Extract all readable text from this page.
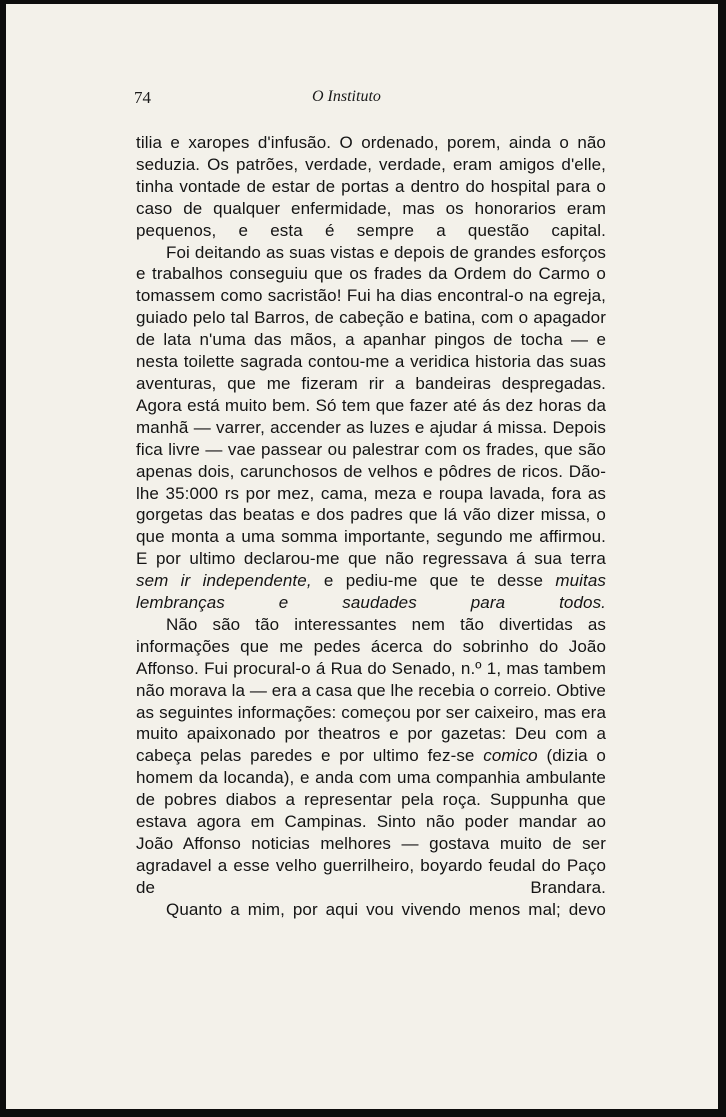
74	O Instituto

tilia e xaropes d'infusão. O ordenado, porem, ainda o não seduzia. Os patrões, verdade, verdade, eram amigos d'elle, tinha vontade de estar de portas a dentro do hospital para o caso de qualquer enfermidade, mas os honorarios eram pequenos, e esta é sempre a questão capital.

Foi deitando as suas vistas e depois de grandes esforços e trabalhos conseguiu que os frades da Ordem do Carmo o tomassem como sacristão! Fui ha dias encontral-o na egreja, guiado pelo tal Barros, de cabeção e batina, com o apagador de lata n'uma das mãos, a apanhar pingos de tocha — e nesta toilette sagrada contou-me a veridica historia das suas aventuras, que me fizeram rir a bandeiras despregadas. Agora está muito bem. Só tem que fazer até ás dez horas da manhã — varrer, accender as luzes e ajudar á missa. Depois fica livre — vae passear ou palestrar com os frades, que são apenas dois, carunchosos de velhos e pôdres de ricos. Dão-lhe 35:000 rs por mez, cama, meza e roupa lavada, fora as gorgetas das beatas e dos padres que lá vão dizer missa, o que monta a uma somma importante, segundo me affirmou. E por ultimo declarou-me que não regressava á sua terra sem ir independente, e pediu-me que te desse muitas lembranças e saudades para todos.

Não são tão interessantes nem tão divertidas as informações que me pedes ácerca do sobrinho do João Affonso. Fui procural-o á Rua do Senado, n.º 1, mas tambem não morava la — era a casa que lhe recebia o correio. Obtive as seguintes informações: começou por ser caixeiro, mas era muito apaixonado por theatros e por gazetas: Deu com a cabeça pelas paredes e por ultimo fez-se comico (dizia o homem da locanda), e anda com uma companhia ambulante de pobres diabos a representar pela roça. Suppunha que estava agora em Campinas. Sinto não poder mandar ao João Affonso noticias melhores — gostava muito de ser agradavel a esse velho guerrilheiro, boyardo feudal do Paço de Brandara.

Quanto a mim, por aqui vou vivendo menos mal; devo
